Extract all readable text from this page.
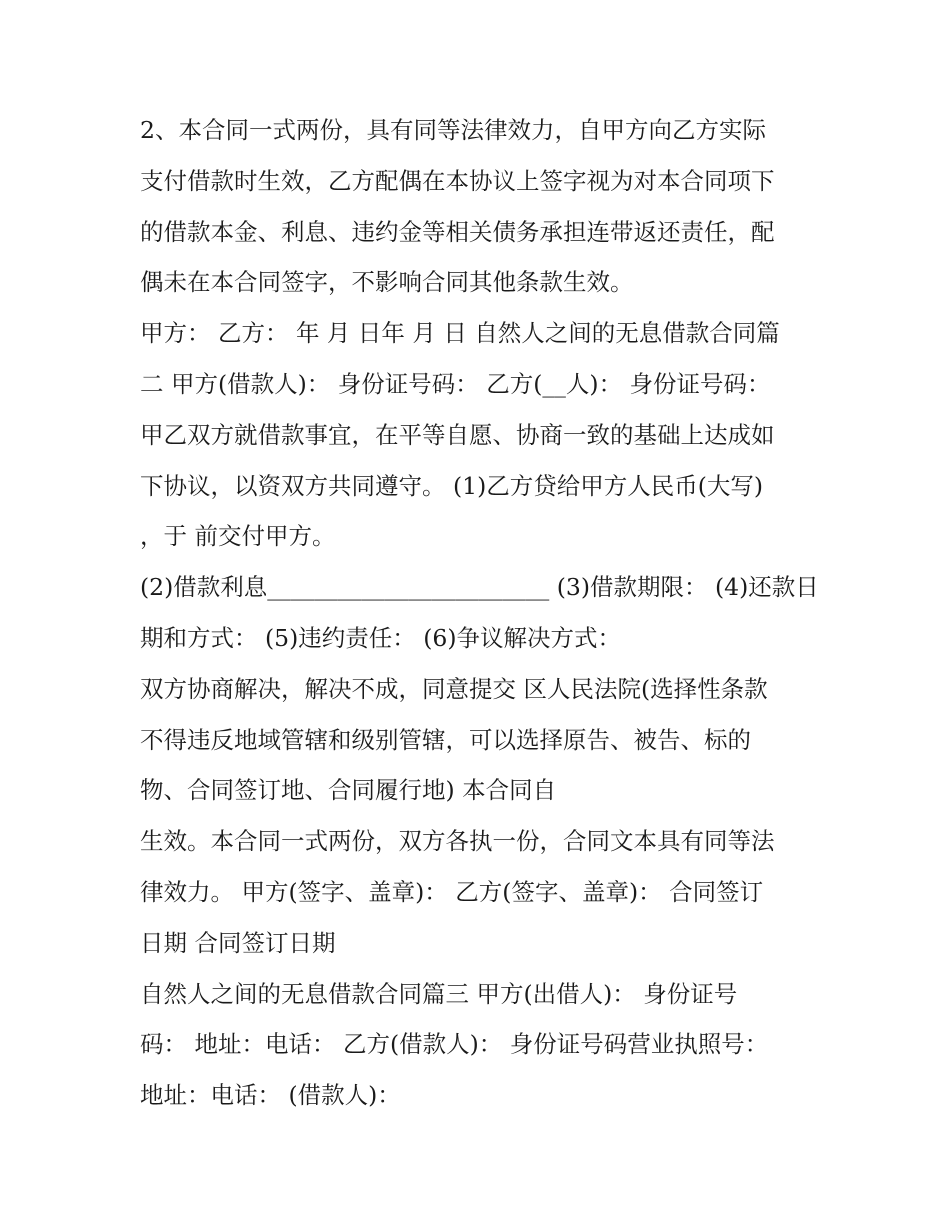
2、本合同一式两份，具有同等法律效力，自甲方向乙方实际
支付借款时生效，乙方配偶在本协议上签字视为对本合同项下
的借款本金、利息、违约金等相关债务承担连带返还责任，配
偶未在本合同签字，不影响合同其他条款生效。
甲方： 乙方： 年 月 日年 月 日 自然人之间的无息借款合同篇
二 甲方(借款人)： 身份证号码： 乙方(__人)： 身份证号码：
甲乙双方就借款事宜，在平等自愿、协商一致的基础上达成如
下协议，以资双方共同遵守。 (1)乙方贷给甲方人民币(大写)
，于 前交付甲方。
(2)借款利息________________________ (3)借款期限： (4)还款日
期和方式： (5)违约责任： (6)争议解决方式：
双方协商解决，解决不成，同意提交 区人民法院(选择性条款
不得违反地域管辖和级别管辖，可以选择原告、被告、标的
物、合同签订地、合同履行地) 本合同自
生效。本合同一式两份，双方各执一份，合同文本具有同等法
律效力。 甲方(签字、盖章)： 乙方(签字、盖章)： 合同签订
日期 合同签订日期
自然人之间的无息借款合同篇三 甲方(出借人)： 身份证号
码： 地址：电话： 乙方(借款人)： 身份证号码营业执照号：
地址：电话： (借款人)：
